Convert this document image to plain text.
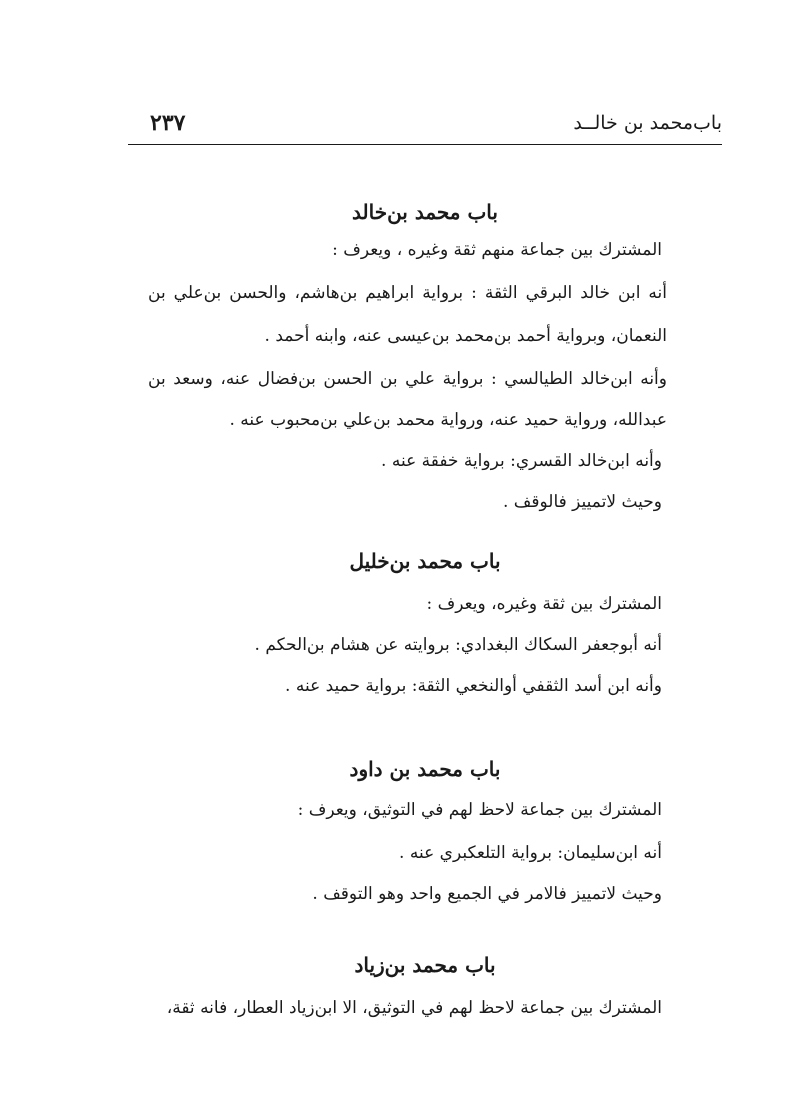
باب‌محمد بن خالــد
٢٣٧
باب محمد بن‌خالد
المشترك بين جماعة منهم ثقة وغيره ، ويعرف :
أنه ابن خالد البرقي الثقة : برواية ابراهيم بن‌هاشم، والحسن بن‌علي بن
النعمان، وبرواية أحمد بن‌محمد بن‌عيسى عنه، وابنه أحمد .
وأنه ابن‌خالد الطيالسي : برواية علي بن الحسن بن‌فضال عنه، وسعد بن
عبدالله، ورواية حميد عنه، ورواية محمد بن‌علي بن‌محبوب عنه .
وأنه ابن‌خالد القسري: برواية خفقة عنه .
وحيث لاتمييز فالوقف .
باب محمد بن‌خليل
المشترك بين ثقة وغيره، ويعرف :
أنه أبوجعفر السكاك البغدادي: بروايته عن هشام بن‌الحكم .
وأنه ابن أسد الثقفي أوالنخعي الثقة: برواية حميد عنه .
باب محمد بن داود
المشترك بين جماعة لاحظ لهم في التوثيق، ويعرف :
أنه ابن‌سليمان: برواية التلعكبري عنه .
وحيث لاتمييز فالامر في الجميع واحد وهو التوقف .
باب محمد بن‌زياد
المشترك بين جماعة لاحظ لهم في التوثيق، الا ابن‌زياد العطار، فانه ثقة،
